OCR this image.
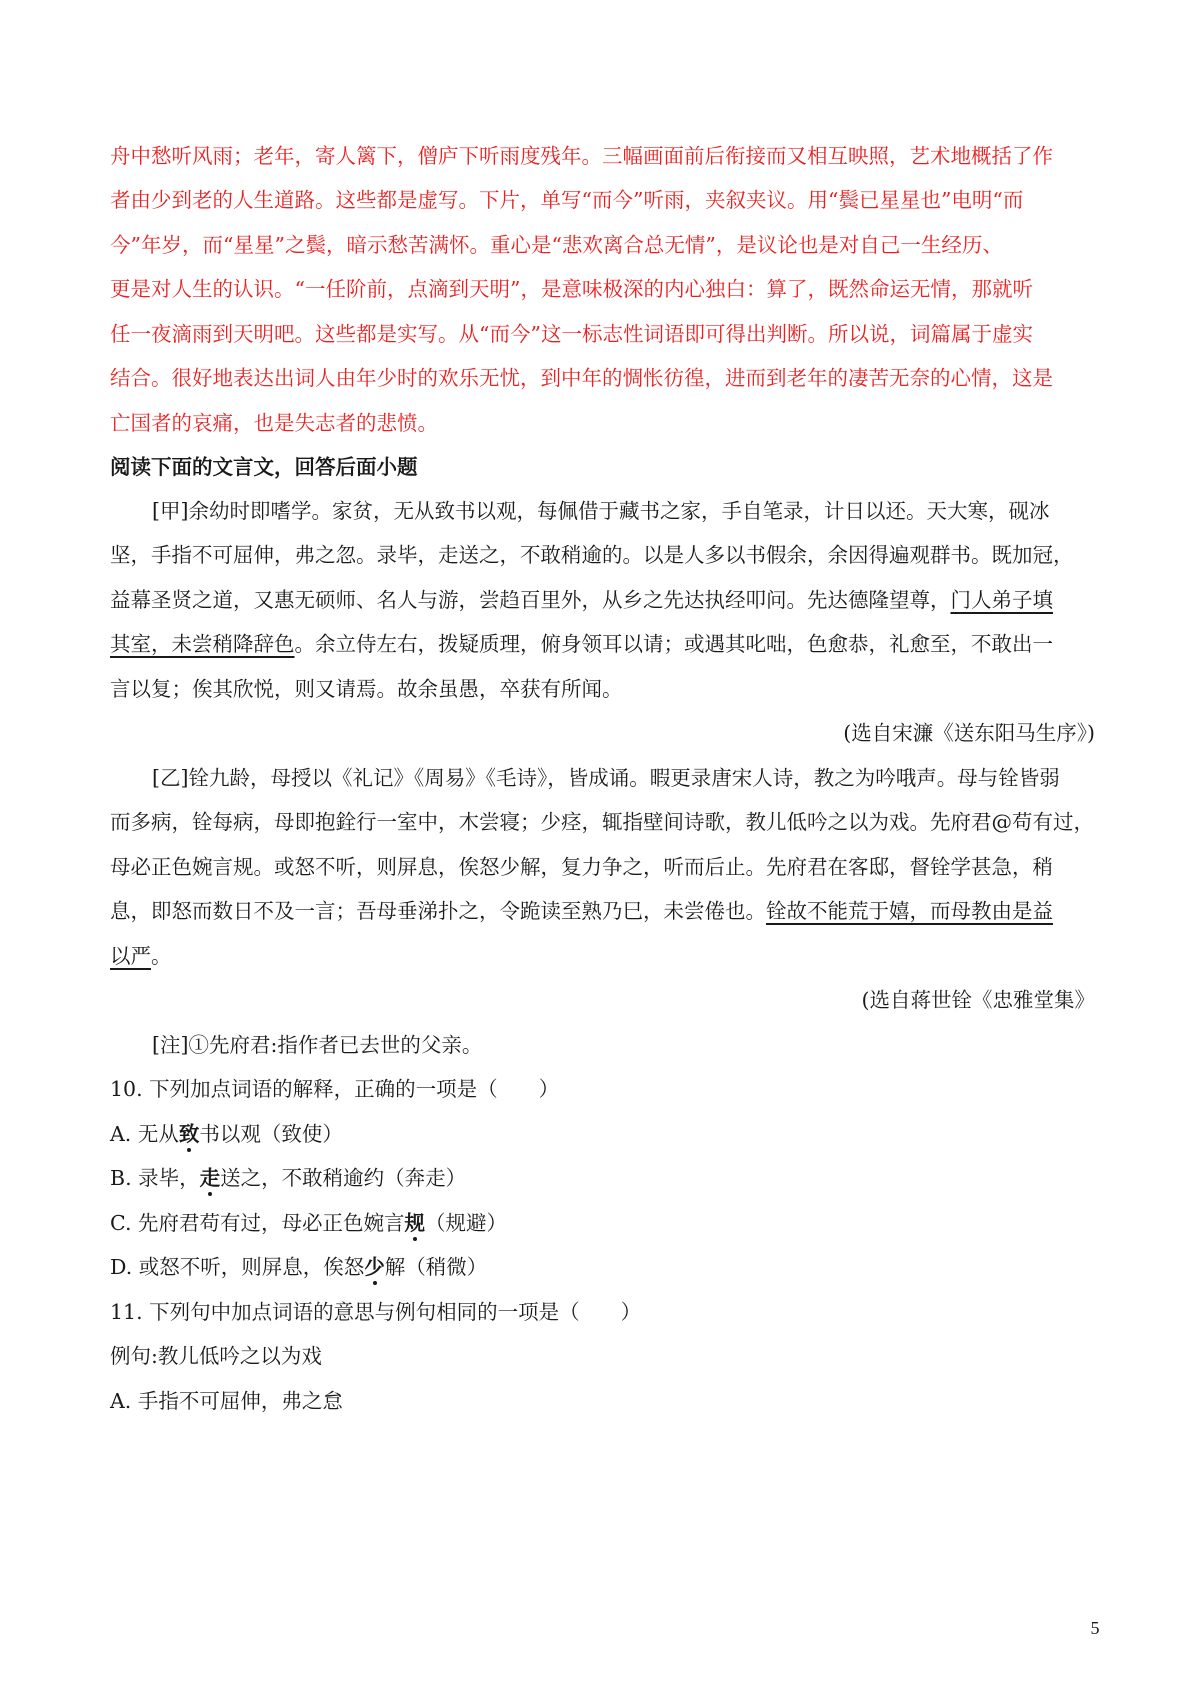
舟中愁听风雨；老年，寄人篱下，僧庐下听雨度残年。三幅画面前后衔接而又相互映照，艺术地概括了作
者由少到老的人生道路。这些都是虚写。下片，单写“而今”听雨，夹叙夹议。用“鬓已星星也”电明“而
今”年岁，而“星星”之鬓，暗示愁苦满怀。重心是“悲欢离合总无情”，是议论也是对自己一生经历、
更是对人生的认识。“一任阶前，点滴到天明”，是意味极深的内心独白：算了，既然命运无情，那就听
任一夜滴雨到天明吧。这些都是实写。从“而今”这一标志性词语即可得出判断。所以说，词篇属于虚实
结合。很好地表达出词人由年少时的欢乐无忧，到中年的惆怅彷徨，进而到老年的凄苦无奈的心情，这是
亡国者的哀痛，也是失志者的悲愤。
阅读下面的文言文，回答后面小题
[甲]余幼时即嗜学。家贫，无从致书以观，每佩借于藏书之家，手自笔录，计日以还。天大寒，砚冰
坚，手指不可屈伸，弗之忽。录毕，走送之，不敢稍逾的。以是人多以书假余，余因得遍观群书。既加冠，
益幕圣贤之道，又惠无硕师、名人与游，尝趋百里外，从乡之先达执经叩问。先达德隆望尊，门人弟子填
其室，未尝稍降辞色。余立侍左右，拨疑质理，俯身领耳以请；或遇其叱咄，色愈恭，礼愈至，不敢出一
言以复；俟其欣悦，则又请焉。故余虽愚，卒获有所闻。
(选自宋濂《送东阳马生序》)
[乙]铨九龄，母授以《礼记》《周易》《毛诗》，皆成诵。暇更录唐宋人诗，教之为吟哦声。母与铨皆弱
而多病，铨每病，母即抱銓行一室中，木尝寝；少痉，辄指壁间诗歌，教儿低吟之以为戏。先府君@苟有过，
母必正色婉言规。或怒不听，则屏息，俟怒少解，复力争之，听而后止。先府君在客邸，督铨学甚急，稍
息，即怒而数日不及一言；吾母垂涕扑之，令跪读至熟乃巳，未尝倦也。铨故不能荒于嬉，而母教由是益
以严。
(选自蒋世铨《忠雅堂集》
[注]①先府君:指作者已去世的父亲。
10. 下列加点词语的解释，正确的一项是（　　）
A. 无从致书以观（致使）
B. 录毕，走送之，不敢稍逾约（奔走）
C. 先府君苟有过，母必正色婉言规（规避）
D. 或怒不听，则屏息，俟怒少解（稍微）
11. 下列句中加点词语的意思与例句相同的一项是（　　）
例句:教儿低吟之以为戏
A. 手指不可屈伸，弗之怠
5
